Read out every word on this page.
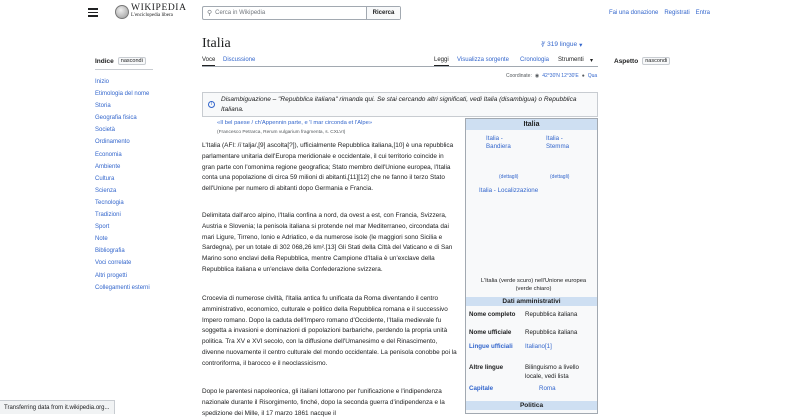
WIKIPEDIA
L'enciclopedia libera	⚲ Cerca in Wikipedia	Ricerca	Fai una donazione Registrati Entra
Indice	nascondi
Inizio
Etimologia del nome
Storia
Geografia fisica
Società
Ordinamento
Economia
Ambiente
Cultura
Scienza
Tecnologia
Tradizioni
Sport
Note
Bibliografia
Voci correlate
Altri progetti
Collegamenti esterni
Italia	∛ 319 lingue ▾
Voce Discussione	Leggi Visualizza sorgente Cronologia Strumenti ▾	Aspetto	nascondi
Coordinate: ◉ 42°30′N 12°30′E ● Qua
i
Disambiguazione – "Repubblica italiana" rimanda qui. Se stai cercando altri significati, vedi Italia (disambigua) o Repubblica Italiana.
«Il bel paese / ch'Appennin parte, e 'l mar circonda et l'Alpe»
(Francesco Petrarca, Rerum vulgarium fragmenta, s. CXLVI)

L'Italia (AFI: /iˈtalja/,[9] ascolta[?]), ufficialmente Repubblica italiana,[10] è una repubblica parlamentare unitaria dell'Europa meridionale e occidentale, il cui territorio coincide in gran parte con l'omonima regione geografica; Stato membro dell'Unione europea, l'Italia conta una popolazione di circa 59 milioni di abitanti,[11][12] che ne fanno il terzo Stato dell'Unione per numero di abitanti dopo Germania e Francia.

Delimitata dall'arco alpino, l'Italia confina a nord, da ovest a est, con Francia, Svizzera, Austria e Slovenia; la penisola italiana si protende nel mar Mediterraneo, circondata dai mari Ligure, Tirreno, Ionio e Adriatico, e da numerose isole (le maggiori sono Sicilia e Sardegna), per un totale di 302 068,26 km².[13] Gli Stati della Città del Vaticano e di San Marino sono enclavi della Repubblica, mentre Campione d'Italia è un'exclave della Repubblica italiana e un'enclave della Confederazione svizzera.

Crocevia di numerose civiltà, l'Italia antica fu unificata da Roma diventando il centro amministrativo, economico, culturale e politico della Repubblica romana e il successivo Impero romano. Dopo la caduta dell'Impero romano d'Occidente, l'Italia medievale fu soggetta a invasioni e dominazioni di popolazioni barbariche, perdendo la propria unità politica. Tra XV e XVI secolo, con la diffusione dell'Umanesimo e del Rinascimento, divenne nuovamente il centro culturale del mondo occidentale. La penisola conobbe poi la controriforma, il barocco e il neoclassicismo.

Dopo le parentesi napoleonica, gli italiani lottarono per l'unificazione e l'indipendenza nazionale durante il Risorgimento, finché, dopo la seconda guerra d'indipendenza e la spedizione dei Mille, il 17 marzo 1861 nacque il

Italia
Italia - Bandiera
Italia - Stemma
(dettagli)	(dettagli)
Italia - Localizzazione
L'Italia (verde scuro) nell'Unione europea (verde chiaro)
Dati amministrativi
Nome completo	Repubblica italiana
Nome ufficiale	Repubblica italiana
Lingue ufficiali	Italiano[1]
Altre lingue	Bilinguismo a livello locale, vedi lista
Capitale	Roma
Politica
Transferring data from it.wikipedia.org...
